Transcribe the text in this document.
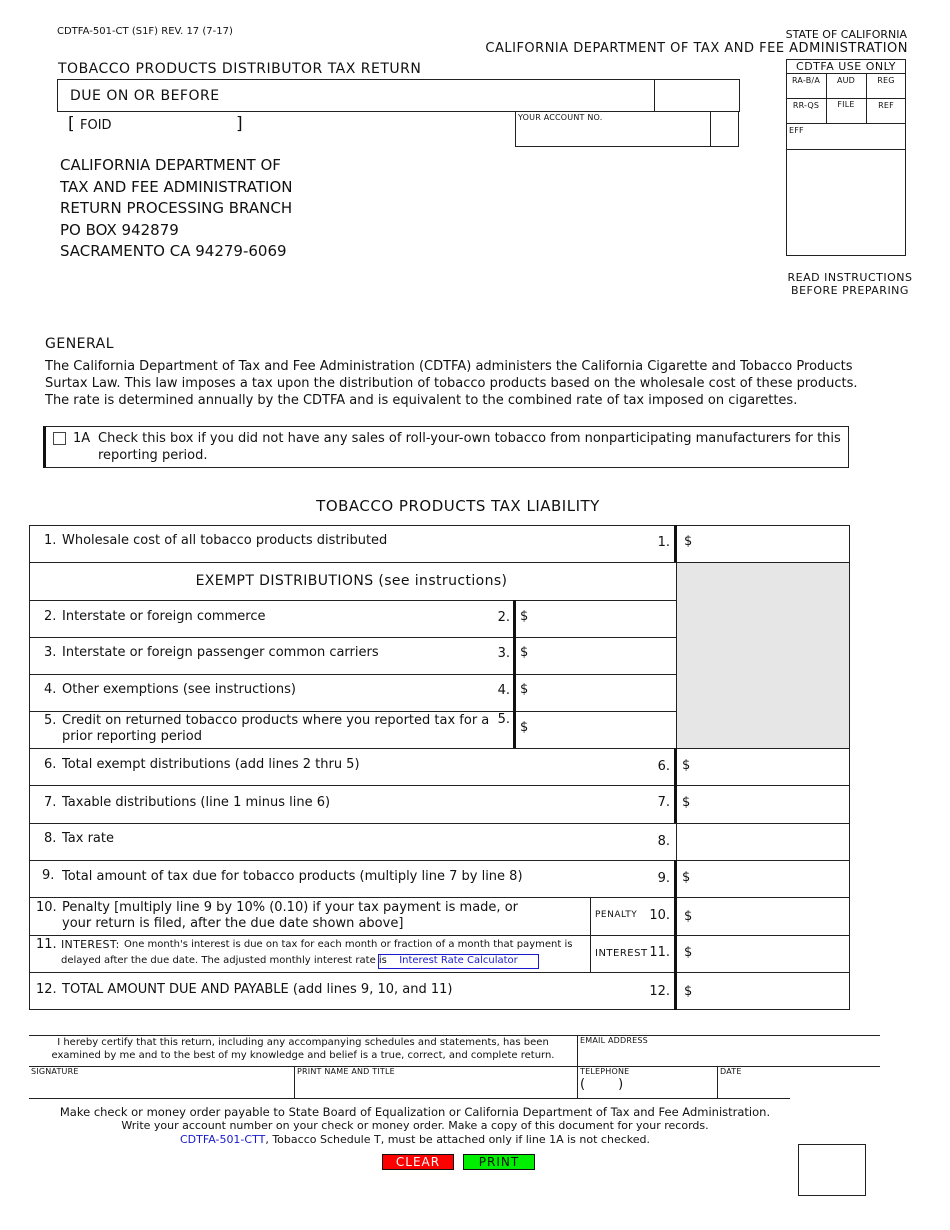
CDTFA-501-CT (S1F) REV. 17 (7-17)	STATE OF CALIFORNIA
CALIFORNIA DEPARTMENT OF TAX AND FEE ADMINISTRATION
TOBACCO PRODUCTS DISTRIBUTOR TAX RETURN
DUE ON OR BEFORE
[ FOID	]	YOUR ACCOUNT NO.
CALIFORNIA DEPARTMENT OF
TAX AND FEE ADMINISTRATION
RETURN PROCESSING BRANCH
PO BOX 942879
SACRAMENTO CA 94279-6069
CDTFA USE ONLY
RA-B/A	AUD	REG
RR-QS	FILE	REF
EFF
READ INSTRUCTIONS
BEFORE PREPARING
GENERAL
The California Department of Tax and Fee Administration (CDTFA) administers the California Cigarette and Tobacco Products
Surtax Law. This law imposes a tax upon the distribution of tobacco products based on the wholesale cost of these products.
The rate is determined annually by the CDTFA and is equivalent to the combined rate of tax imposed on cigarettes.
1A Check this box if you did not have any sales of roll-your-own tobacco from nonparticipating manufacturers for this
reporting period.
TOBACCO PRODUCTS TAX LIABILITY
1. Wholesale cost of all tobacco products distributed	1. $
EXEMPT DISTRIBUTIONS (see instructions)
2. Interstate or foreign commerce	2. $
3. Interstate or foreign passenger common carriers	3. $
4. Other exemptions (see instructions)	4. $
5. Credit on returned tobacco products where you reported tax for a
prior reporting period
5.
$
6. Total exempt distributions (add lines 2 thru 5)	6. $
7. Taxable distributions (line 1 minus line 6)	7. $
8. Tax rate	8.
9. Total amount of tax due for tobacco products (multiply line 7 by line 8)	9. $
10. Penalty [multiply line 9 by 10% (0.10) if your tax payment is made, or
your return is filed, after the due date shown above]
PENALTY 10. $
11. INTEREST: One month's interest is due on tax for each month or fraction of a month that payment is
delayed after the due date. The adjusted monthly interest rate is	Interest Rate Calculator
INTEREST 11. $
12. TOTAL AMOUNT DUE AND PAYABLE (add lines 9, 10, and 11)	12. $
I hereby certify that this return, including any accompanying schedules and statements, has been
examined by me and to the best of my knowledge and belief is a true, correct, and complete return.
EMAIL ADDRESS
SIGNATURE	PRINT NAME AND TITLE	TELEPHONE
(        )
DATE
Make check or money order payable to State Board of Equalization or California Department of Tax and Fee Administration.
Write your account number on your check or money order. Make a copy of this document for your records.
CDTFA-501-CTT, Tobacco Schedule T, must be attached only if line 1A is not checked.
CLEAR	PRINT
